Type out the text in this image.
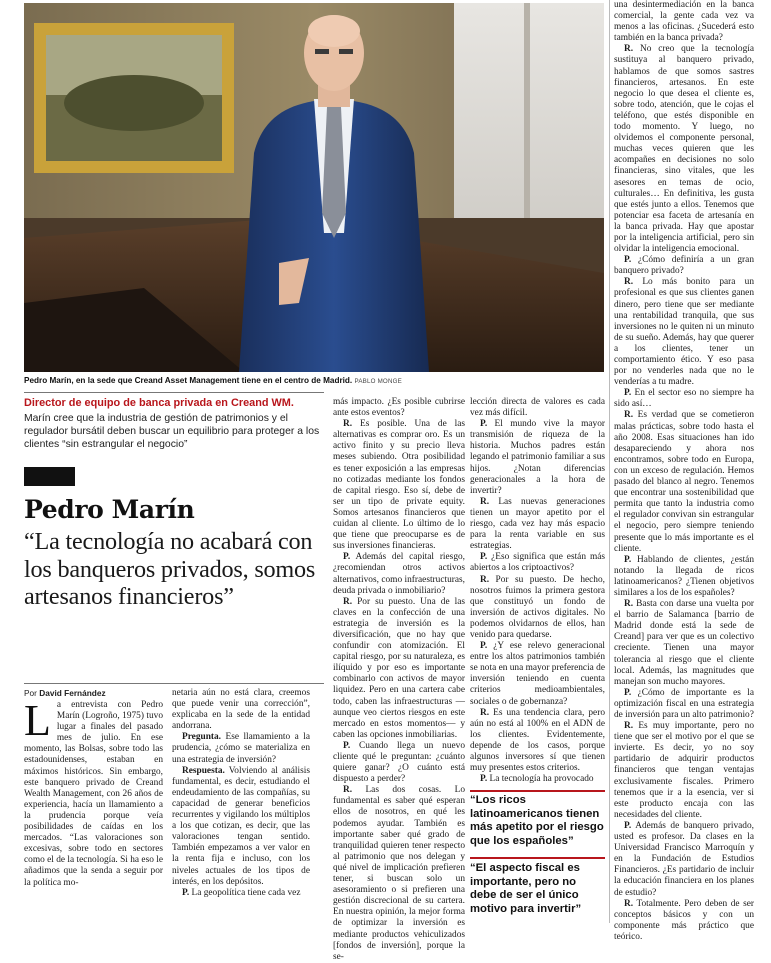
Pedro Marín, en la sede que Creand Asset Management tiene en el centro de Madrid. PABLO MONGE
Director de equipo de banca privada en Creand WM.
Marín cree que la industria de gestión de patrimonios y el regulador bursátil deben buscar un equilibrio para proteger a los clientes “sin estrangular el negocio”
Pedro Marín
“La tecnología no acabará con los banqueros privados, somos artesanos financieros”
Por David Fernández
L a entrevista con Pedro Marín (Logroño, 1975) tuvo lugar a finales del pasado mes de julio. En ese momento, las Bolsas, sobre todo las estadounidenses, estaban en máximos históricos. Sin embargo, este banquero privado de Creand Wealth Management, con 26 años de experiencia, hacía un llamamiento a la prudencia porque veía posibilidades de caídas en los mercados. “Las valoraciones son excesivas, sobre todo en sectores como el de la tecnología. Si ha eso le añadimos que la senda a seguir por la política mo-

netaria aún no está clara, creemos que puede venir una corrección”, explicaba en la sede de la entidad andorrana.

Pregunta. Ese llamamiento a la prudencia, ¿cómo se materializa en una estrategia de inversión?

Respuesta. Volviendo al análisis fundamental, es decir, estudiando el endeudamiento de las compañías, su capacidad de generar beneficios recurrentes y vigilando los múltiplos a los que cotizan, es decir, que las valoraciones tengan sentido. También empezamos a ver valor en la renta fija e incluso, con los niveles actuales de los tipos de interés, en los depósitos.

P. La geopolítica tiene cada vez

más impacto. ¿Es posible cubrirse ante estos eventos?

R. Es posible. Una de las alternativas es comprar oro. Es un activo finito y su precio lleva meses subiendo. Otra posibilidad es tener exposición a las empresas no cotizadas mediante los fondos de capital riesgo. Eso sí, debe de ser un tipo de private equity. Somos artesanos financieros que cuidan al cliente. Lo último de lo que tiene que preocuparse es de sus inversiones financieras.

P. Además del capital riesgo, ¿recomiendan otros activos alternativos, como infraestructuras, deuda privada o inmobiliario?

R. Por su puesto. Una de las claves en la confección de una estrategia de inversión es la diversificación, que no hay que confundir con atomización. El capital riesgo, por su naturaleza, es ilíquido y por eso es importante combinarlo con activos de mayor liquidez. Pero en una cartera cabe todo, caben las infraestructuras —aunque veo ciertos riesgos en este mercado en estos momentos— y caben las opciones inmobiliarias.

P. Cuando llega un nuevo cliente qué le preguntan: ¿cuánto quiere ganar? ¿O cuánto está dispuesto a perder?

R. Las dos cosas. Lo fundamental es saber qué esperan ellos de nosotros, en qué les podemos ayudar. También es importante saber qué grado de tranquilidad quieren tener respecto al patrimonio que nos delegan y qué nivel de implicación prefieren tener, si buscan solo un asesoramiento o si prefieren una gestión discrecional de su cartera. En nuestra opinión, la mejor forma de optimizar la inversión es mediante productos vehiculizados [fondos de inversión], porque la se-

lección directa de valores es cada vez más difícil.

P. El mundo vive la mayor transmisión de riqueza de la historia. Muchos padres están legando el patrimonio familiar a sus hijos. ¿Notan diferencias generacionales a la hora de invertir?

R. Las nuevas generaciones tienen un mayor apetito por el riesgo, cada vez hay más espacio para la renta variable en sus estrategias.

P. ¿Eso significa que están más abiertos a los criptoactivos?

R. Por su puesto. De hecho, nosotros fuimos la primera gestora que constituyó un fondo de inversión de activos digitales. No podemos olvidarnos de ellos, han venido para quedarse.

P. ¿Y ese relevo generacional entre los altos patrimonios también se nota en una mayor preferencia de inversión teniendo en cuenta criterios medioambientales, sociales o de gobernanza?

R. Es una tendencia clara, pero aún no está al 100% en el ADN de los clientes. Evidentemente, depende de los casos, porque algunos inversores sí que tienen muy presentes estos criterios.

P. La tecnología ha provocado

“Los ricos latinoamericanos tienen más apetito por el riesgo que los españoles”
“El aspecto fiscal es importante, pero no debe de ser el único motivo para invertir”

una desintermediación en la banca comercial, la gente cada vez va menos a las oficinas. ¿Sucederá esto también en la banca privada?

R. No creo que la tecnología sustituya al banquero privado, hablamos de que somos sastres financieros, artesanos. En este negocio lo que desea el cliente es, sobre todo, atención, que le cojas el teléfono, que estés disponible en todo momento. Y luego, no olvidemos el componente personal, muchas veces quieren que les acompañes en decisiones no solo financieras, sino vitales, que les asesores en temas de ocio, culturales… En definitiva, les gusta que estés junto a ellos. Tenemos que potenciar esa faceta de artesanía en la banca privada. Hay que apostar por la inteligencia artificial, pero sin olvidar la inteligencia emocional.

P. ¿Cómo definiría a un gran banquero privado?

R. Lo más bonito para un profesional es que sus clientes ganen dinero, pero tiene que ser mediante una rentabilidad tranquila, que sus inversiones no le quiten ni un minuto de su sueño. Además, hay que querer a los clientes, tener un comportamiento ético. Y eso pasa por no venderles nada que no le venderías a tu madre.

P. En el sector eso no siempre ha sido así…

R. Es verdad que se cometieron malas prácticas, sobre todo hasta el año 2008. Esas situaciones han ido desapareciendo y ahora nos encontramos, sobre todo en Europa, con un exceso de regulación. Hemos pasado del blanco al negro. Tenemos que encontrar una sostenibilidad que permita que tanto la industria como el regulador convivan sin estrangular el negocio, pero siempre teniendo presente que lo más importante es el cliente.

P. Hablando de clientes, ¿están notando la llegada de ricos latinoamericanos? ¿Tienen objetivos similares a los de los españoles?

R. Basta con darse una vuelta por el barrio de Salamanca [barrio de Madrid donde está la sede de Creand] para ver que es un colectivo creciente. Tienen una mayor tolerancia al riesgo que el cliente local. Además, las magnitudes que manejan son mucho mayores.

P. ¿Cómo de importante es la optimización fiscal en una estrategia de inversión para un alto patrimonio?

R. Es muy importante, pero no tiene que ser el motivo por el que se invierte. Es decir, yo no soy partidario de adquirir productos financieros que tengan ventajas exclusivamente fiscales. Primero tenemos que ir a la esencia, ver si este producto encaja con las necesidades del cliente.

P. Además de banquero privado, usted es profesor. Da clases en la Universidad Francisco Marroquín y en la Fundación de Estudios Financieros. ¿Es partidario de incluir la educación financiera en los planes de estudio?

R. Totalmente. Pero deben de ser conceptos básicos y con un componente más práctico que teórico.
